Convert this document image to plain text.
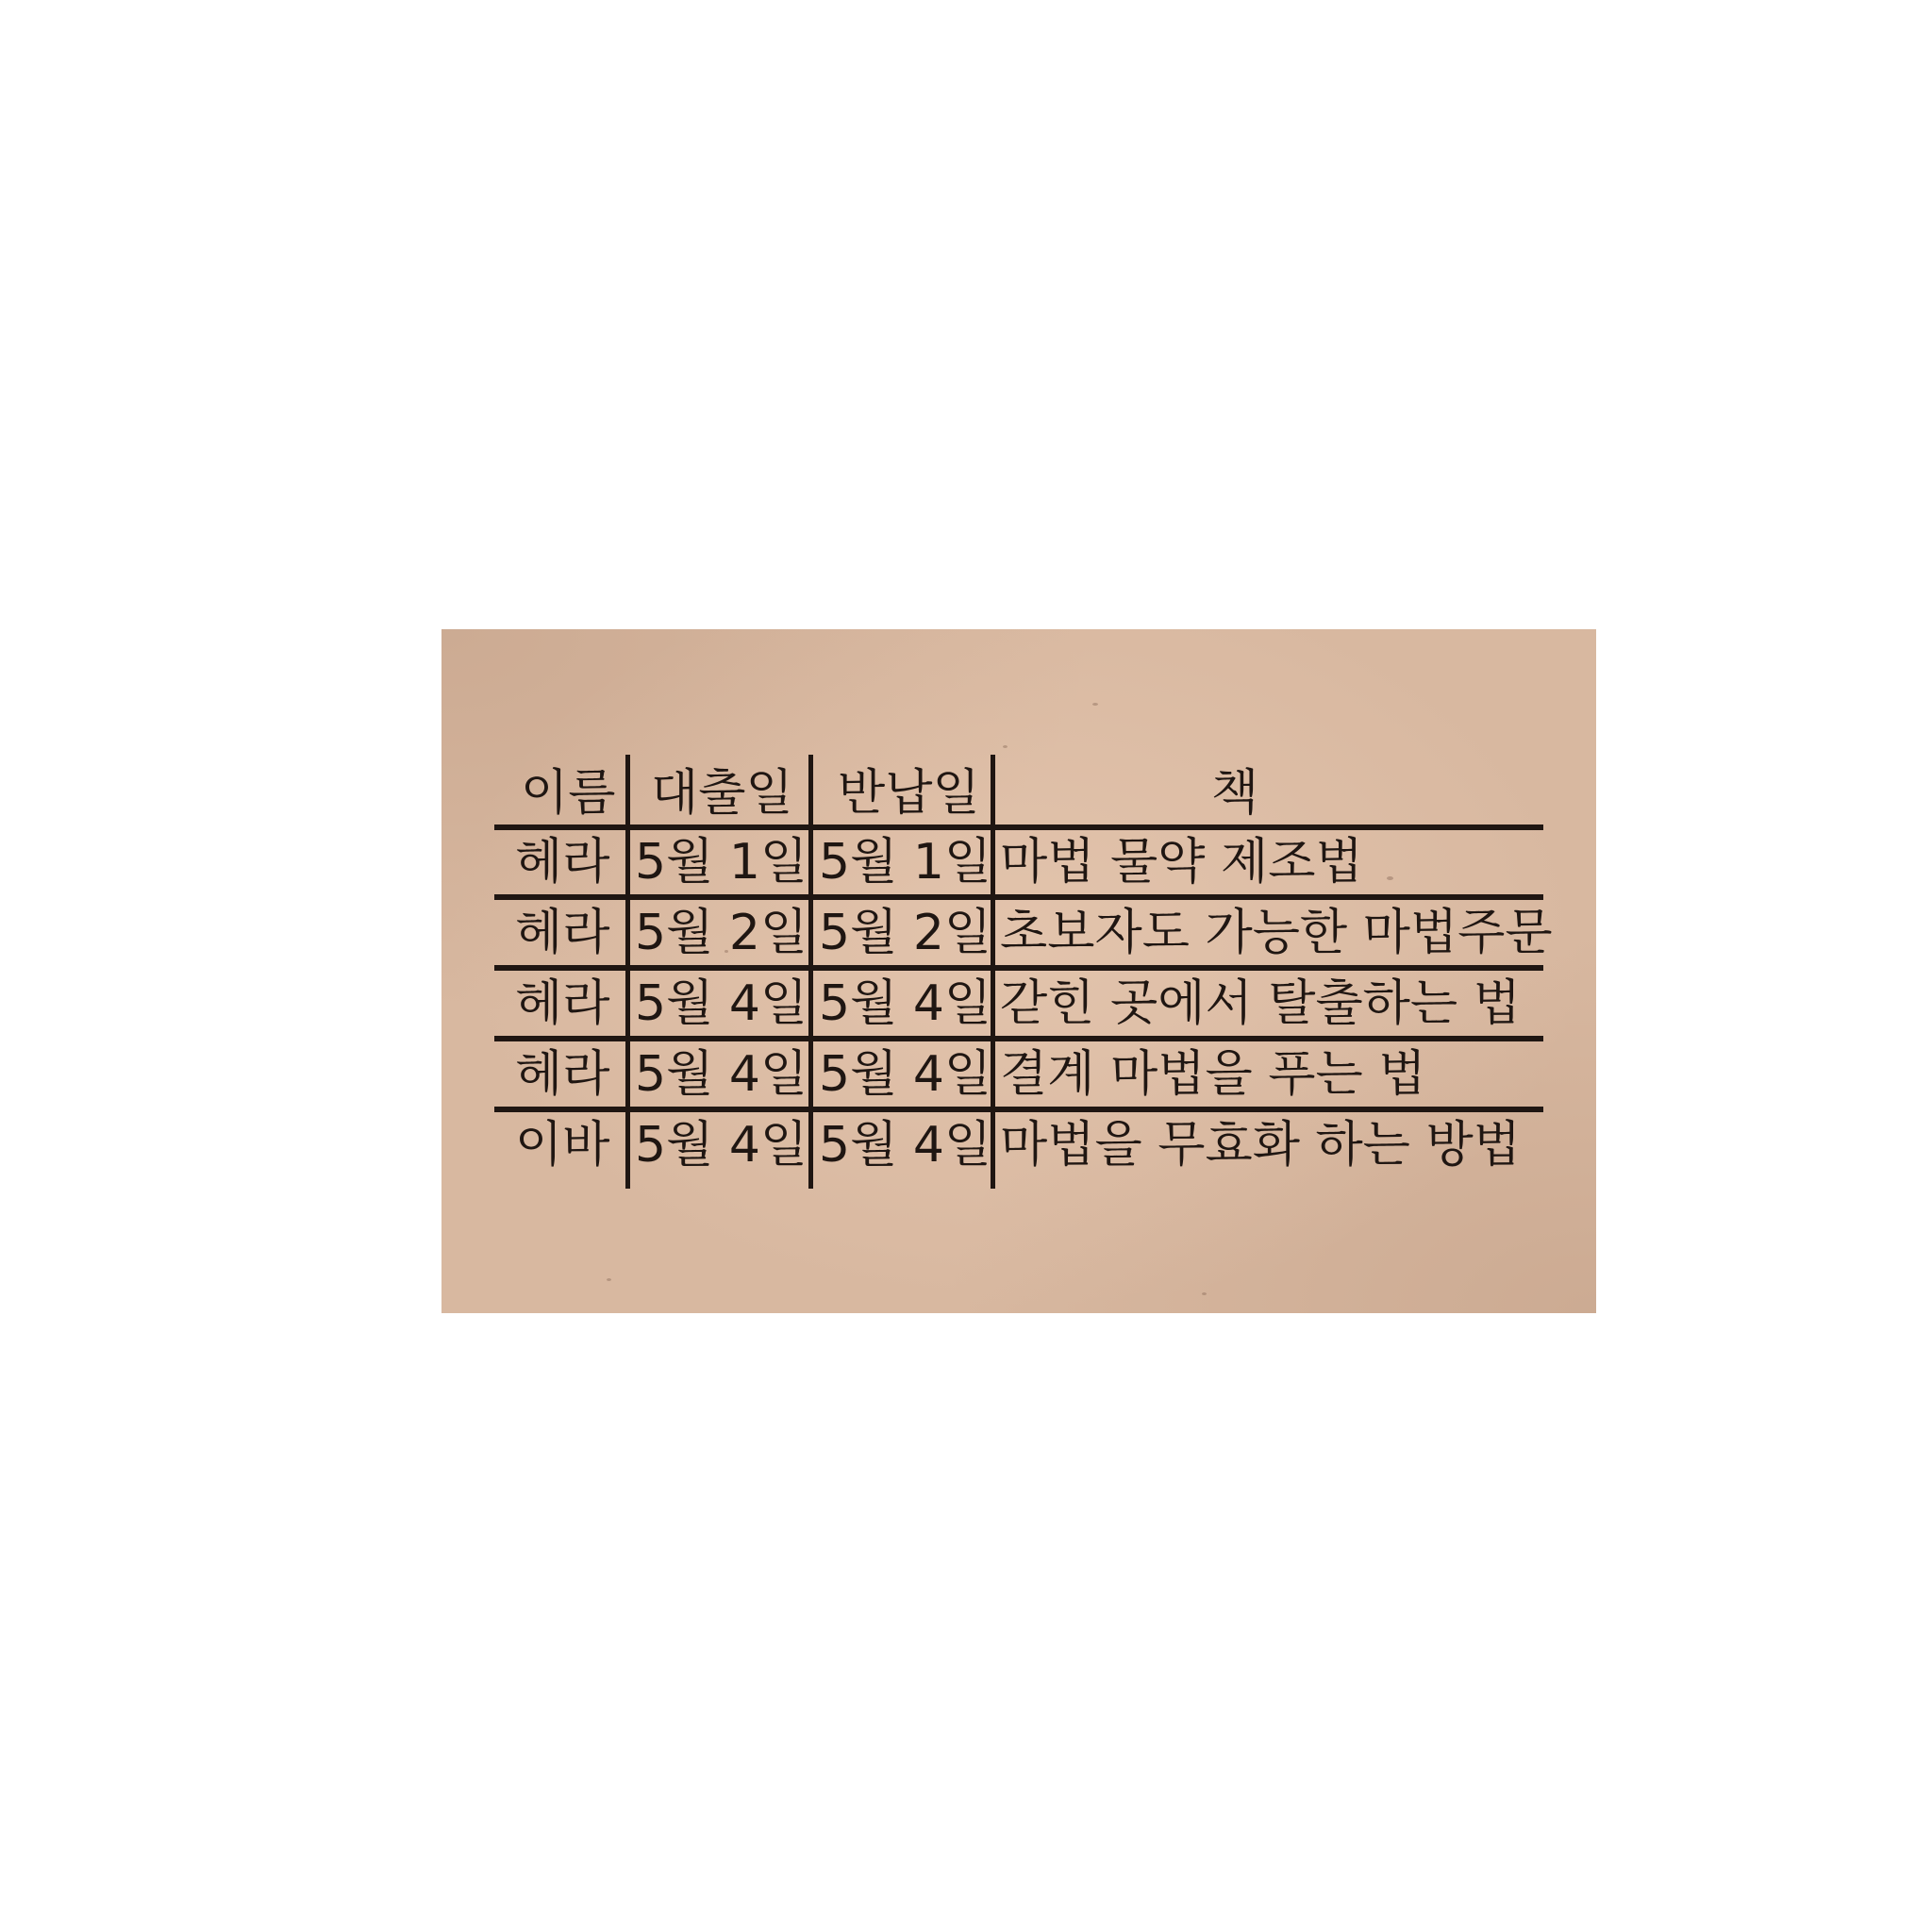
이름 대출일 반납일	책
헤라 5월 1일 5월 1일 마법 물약 제조법
헤라 5월 2일 5월 2일 초보자도 가능한 마법주문
헤라 5월 4일 5월 4일 갇힌 곳에서 탈출하는 법
헤라 5월 4일 5월 4일 결계 마법을 푸는 법
이바 5월 4일 5월 4일 마법을 무효화 하는 방법
